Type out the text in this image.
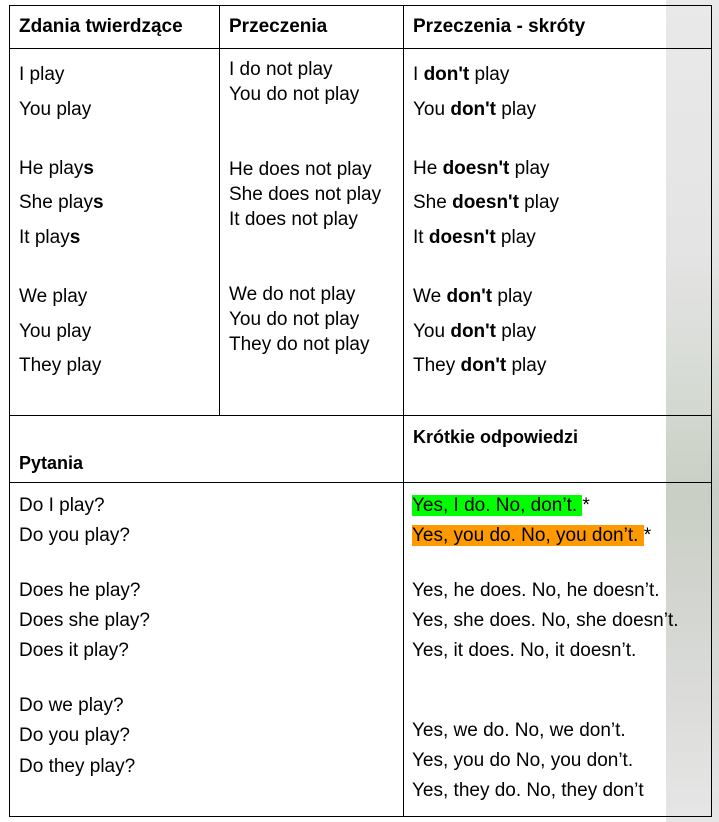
Zdania twierdzące Przeczenia	Przeczenia - skróty
I play
You play
He plays
She plays
It plays
We play
You play
They play
I do not play
You do not play
He does not play
She does not play
It does not play
We do not play
You do not play
They do not play
I don't play
You don't play
He doesn't play
She doesn't play
It doesn't play
We don't play
You don't play
They don't play
Pytania
Krótkie odpowiedzi
Do I play?
Do you play?
Does he play?
Does she play?
Does it play?
Do we play?
Do you play?
Do they play?
Yes, I do. No, don’t. *
Yes, you do. No, you don’t. *
Yes, he does. No, he doesn’t.
Yes, she does. No, she doesn’t.
Yes, it does. No, it doesn’t.
Yes, we do. No, we don’t.
Yes, you do No, you don’t.
Yes, they do. No, they don’t
